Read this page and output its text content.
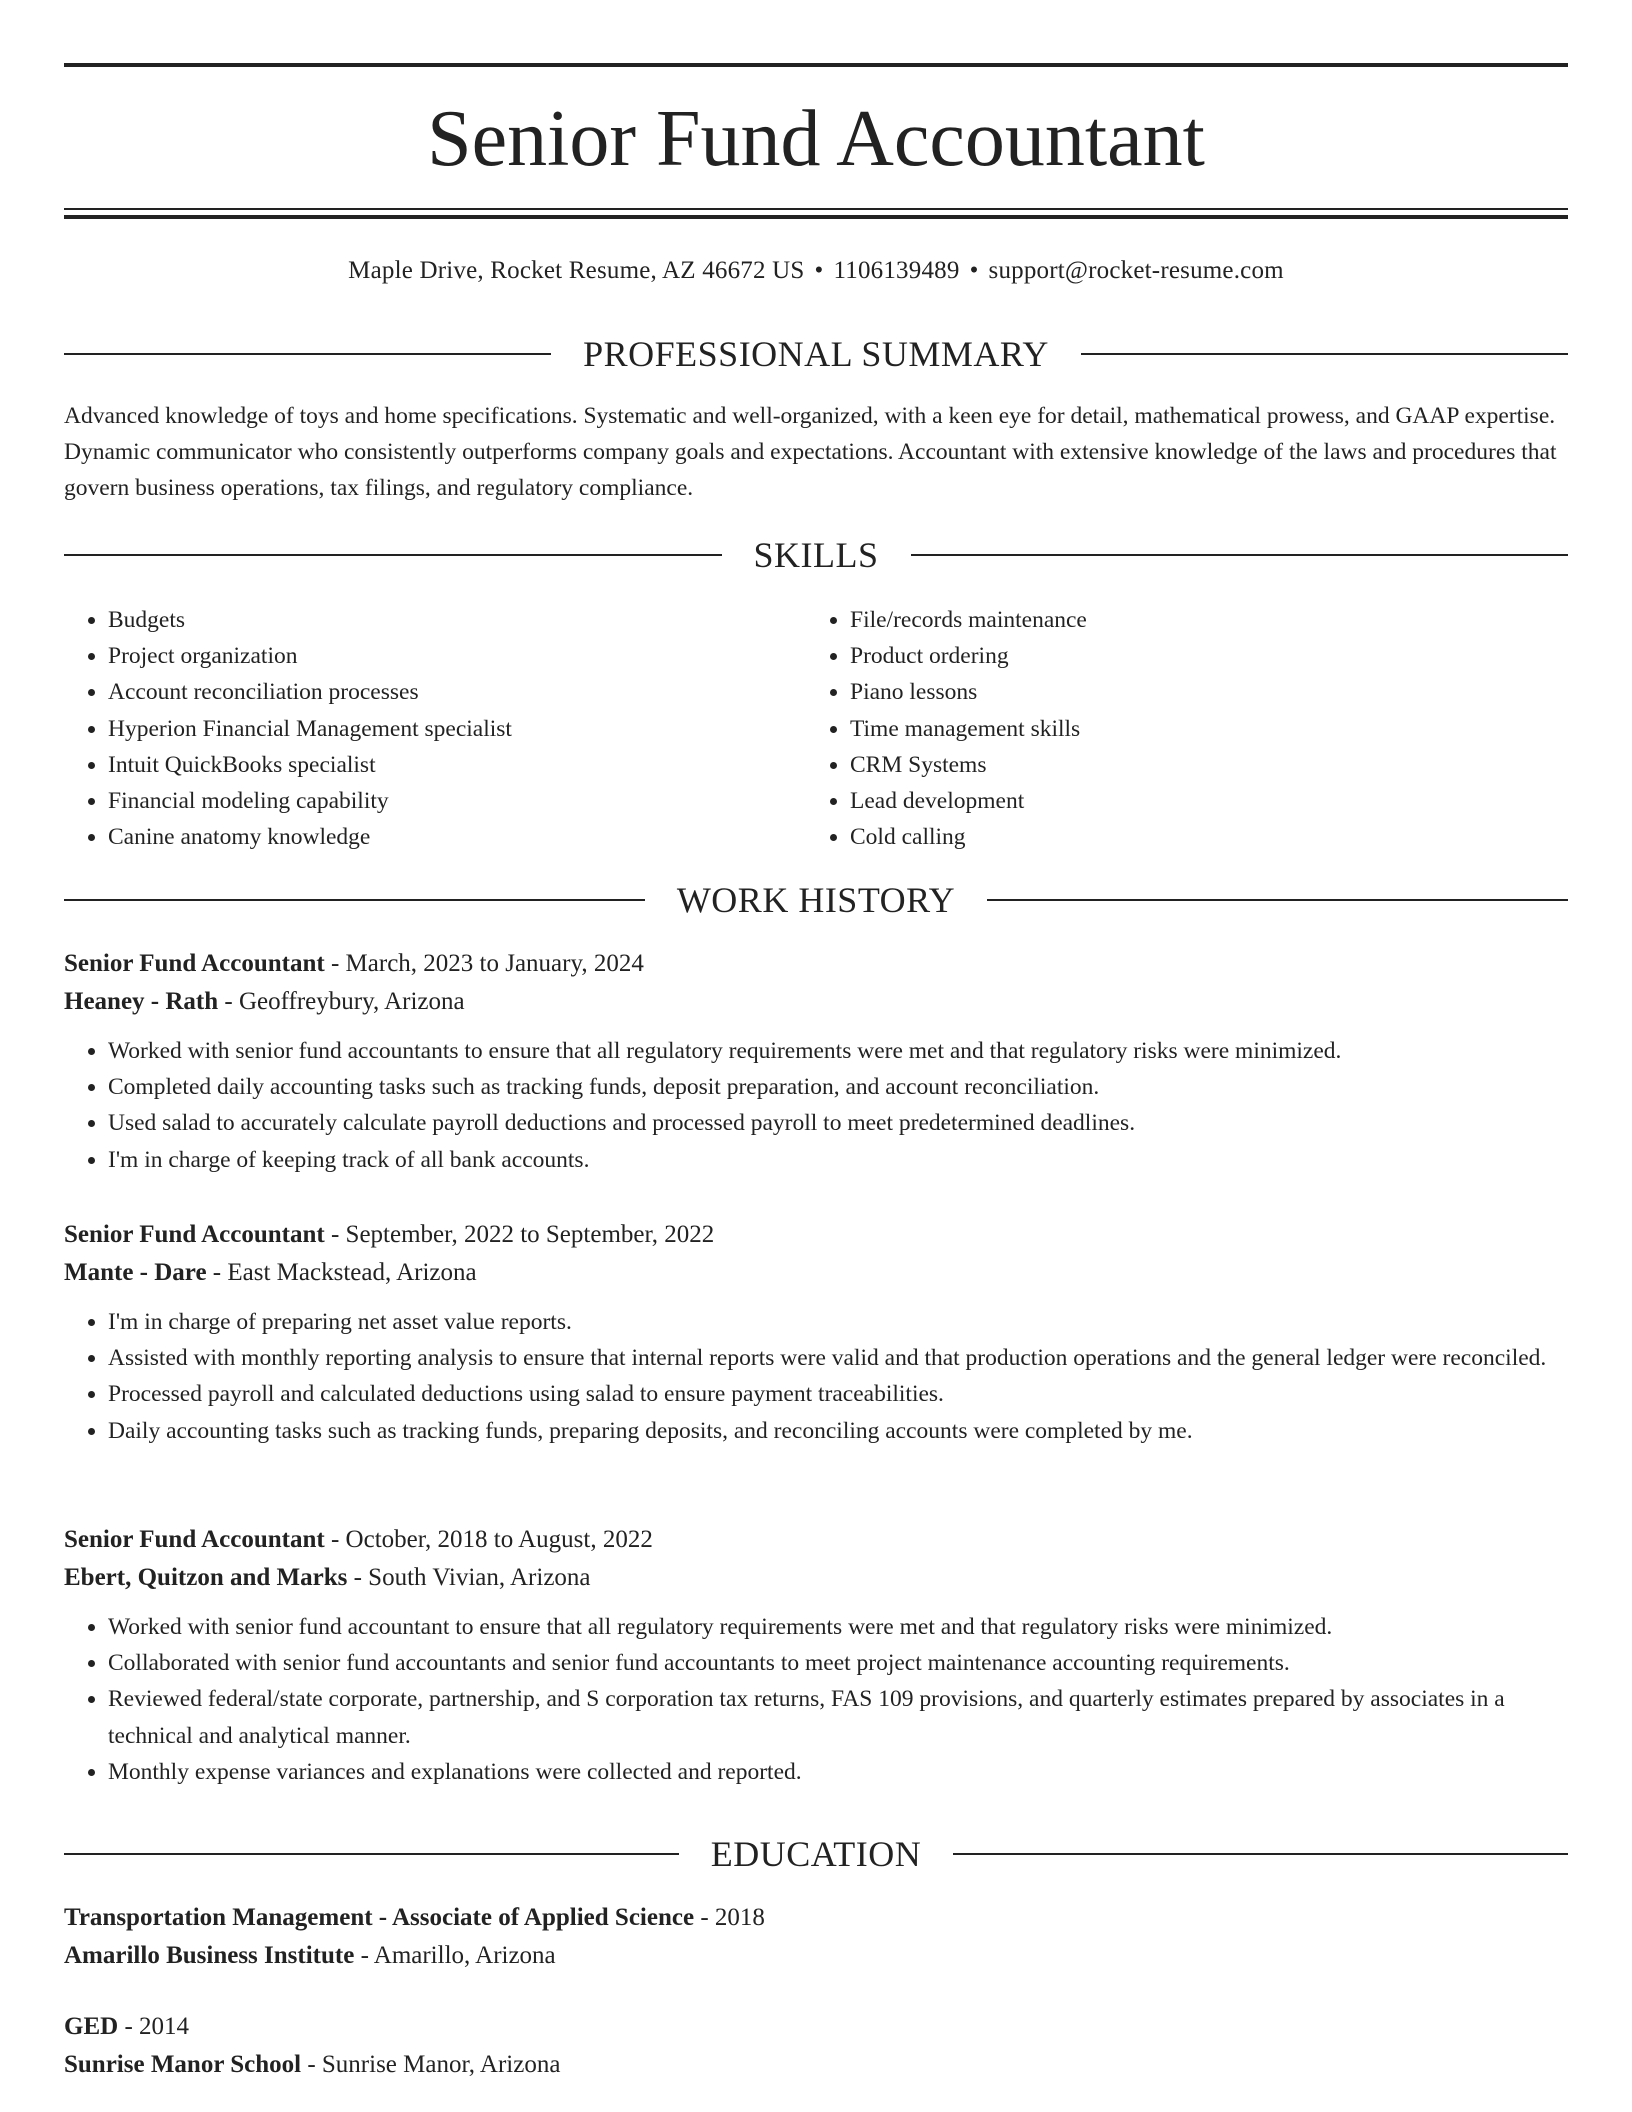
Senior Fund Accountant
Maple Drive, Rocket Resume, AZ 46672 US • 1106139489 • support@rocket-resume.com
PROFESSIONAL SUMMARY
Advanced knowledge of toys and home specifications. Systematic and well-organized, with a keen eye for detail, mathematical prowess, and GAAP expertise. Dynamic communicator who consistently outperforms company goals and expectations. Accountant with extensive knowledge of the laws and procedures that govern business operations, tax filings, and regulatory compliance.
SKILLS
• Budgets
• Project organization
• Account reconciliation processes
• Hyperion Financial Management specialist
• Intuit QuickBooks specialist
• Financial modeling capability
• Canine anatomy knowledge
• File/records maintenance
• Product ordering
• Piano lessons
• Time management skills
• CRM Systems
• Lead development
• Cold calling
WORK HISTORY
Senior Fund Accountant - March, 2023 to January, 2024
Heaney - Rath - Geoffreybury, Arizona
• Worked with senior fund accountants to ensure that all regulatory requirements were met and that regulatory risks were minimized.
• Completed daily accounting tasks such as tracking funds, deposit preparation, and account reconciliation.
• Used salad to accurately calculate payroll deductions and processed payroll to meet predetermined deadlines.
• I'm in charge of keeping track of all bank accounts.
Senior Fund Accountant - September, 2022 to September, 2022
Mante - Dare - East Mackstead, Arizona
• I'm in charge of preparing net asset value reports.
• Assisted with monthly reporting analysis to ensure that internal reports were valid and that production operations and the general ledger were reconciled.
• Processed payroll and calculated deductions using salad to ensure payment traceabilities.
• Daily accounting tasks such as tracking funds, preparing deposits, and reconciling accounts were completed by me.
Senior Fund Accountant - October, 2018 to August, 2022
Ebert, Quitzon and Marks - South Vivian, Arizona
• Worked with senior fund accountant to ensure that all regulatory requirements were met and that regulatory risks were minimized.
• Collaborated with senior fund accountants and senior fund accountants to meet project maintenance accounting requirements.
• Reviewed federal/state corporate, partnership, and S corporation tax returns, FAS 109 provisions, and quarterly estimates prepared by associates in a technical and analytical manner.
• Monthly expense variances and explanations were collected and reported.
EDUCATION
Transportation Management - Associate of Applied Science - 2018
Amarillo Business Institute - Amarillo, Arizona
GED - 2014
Sunrise Manor School - Sunrise Manor, Arizona
